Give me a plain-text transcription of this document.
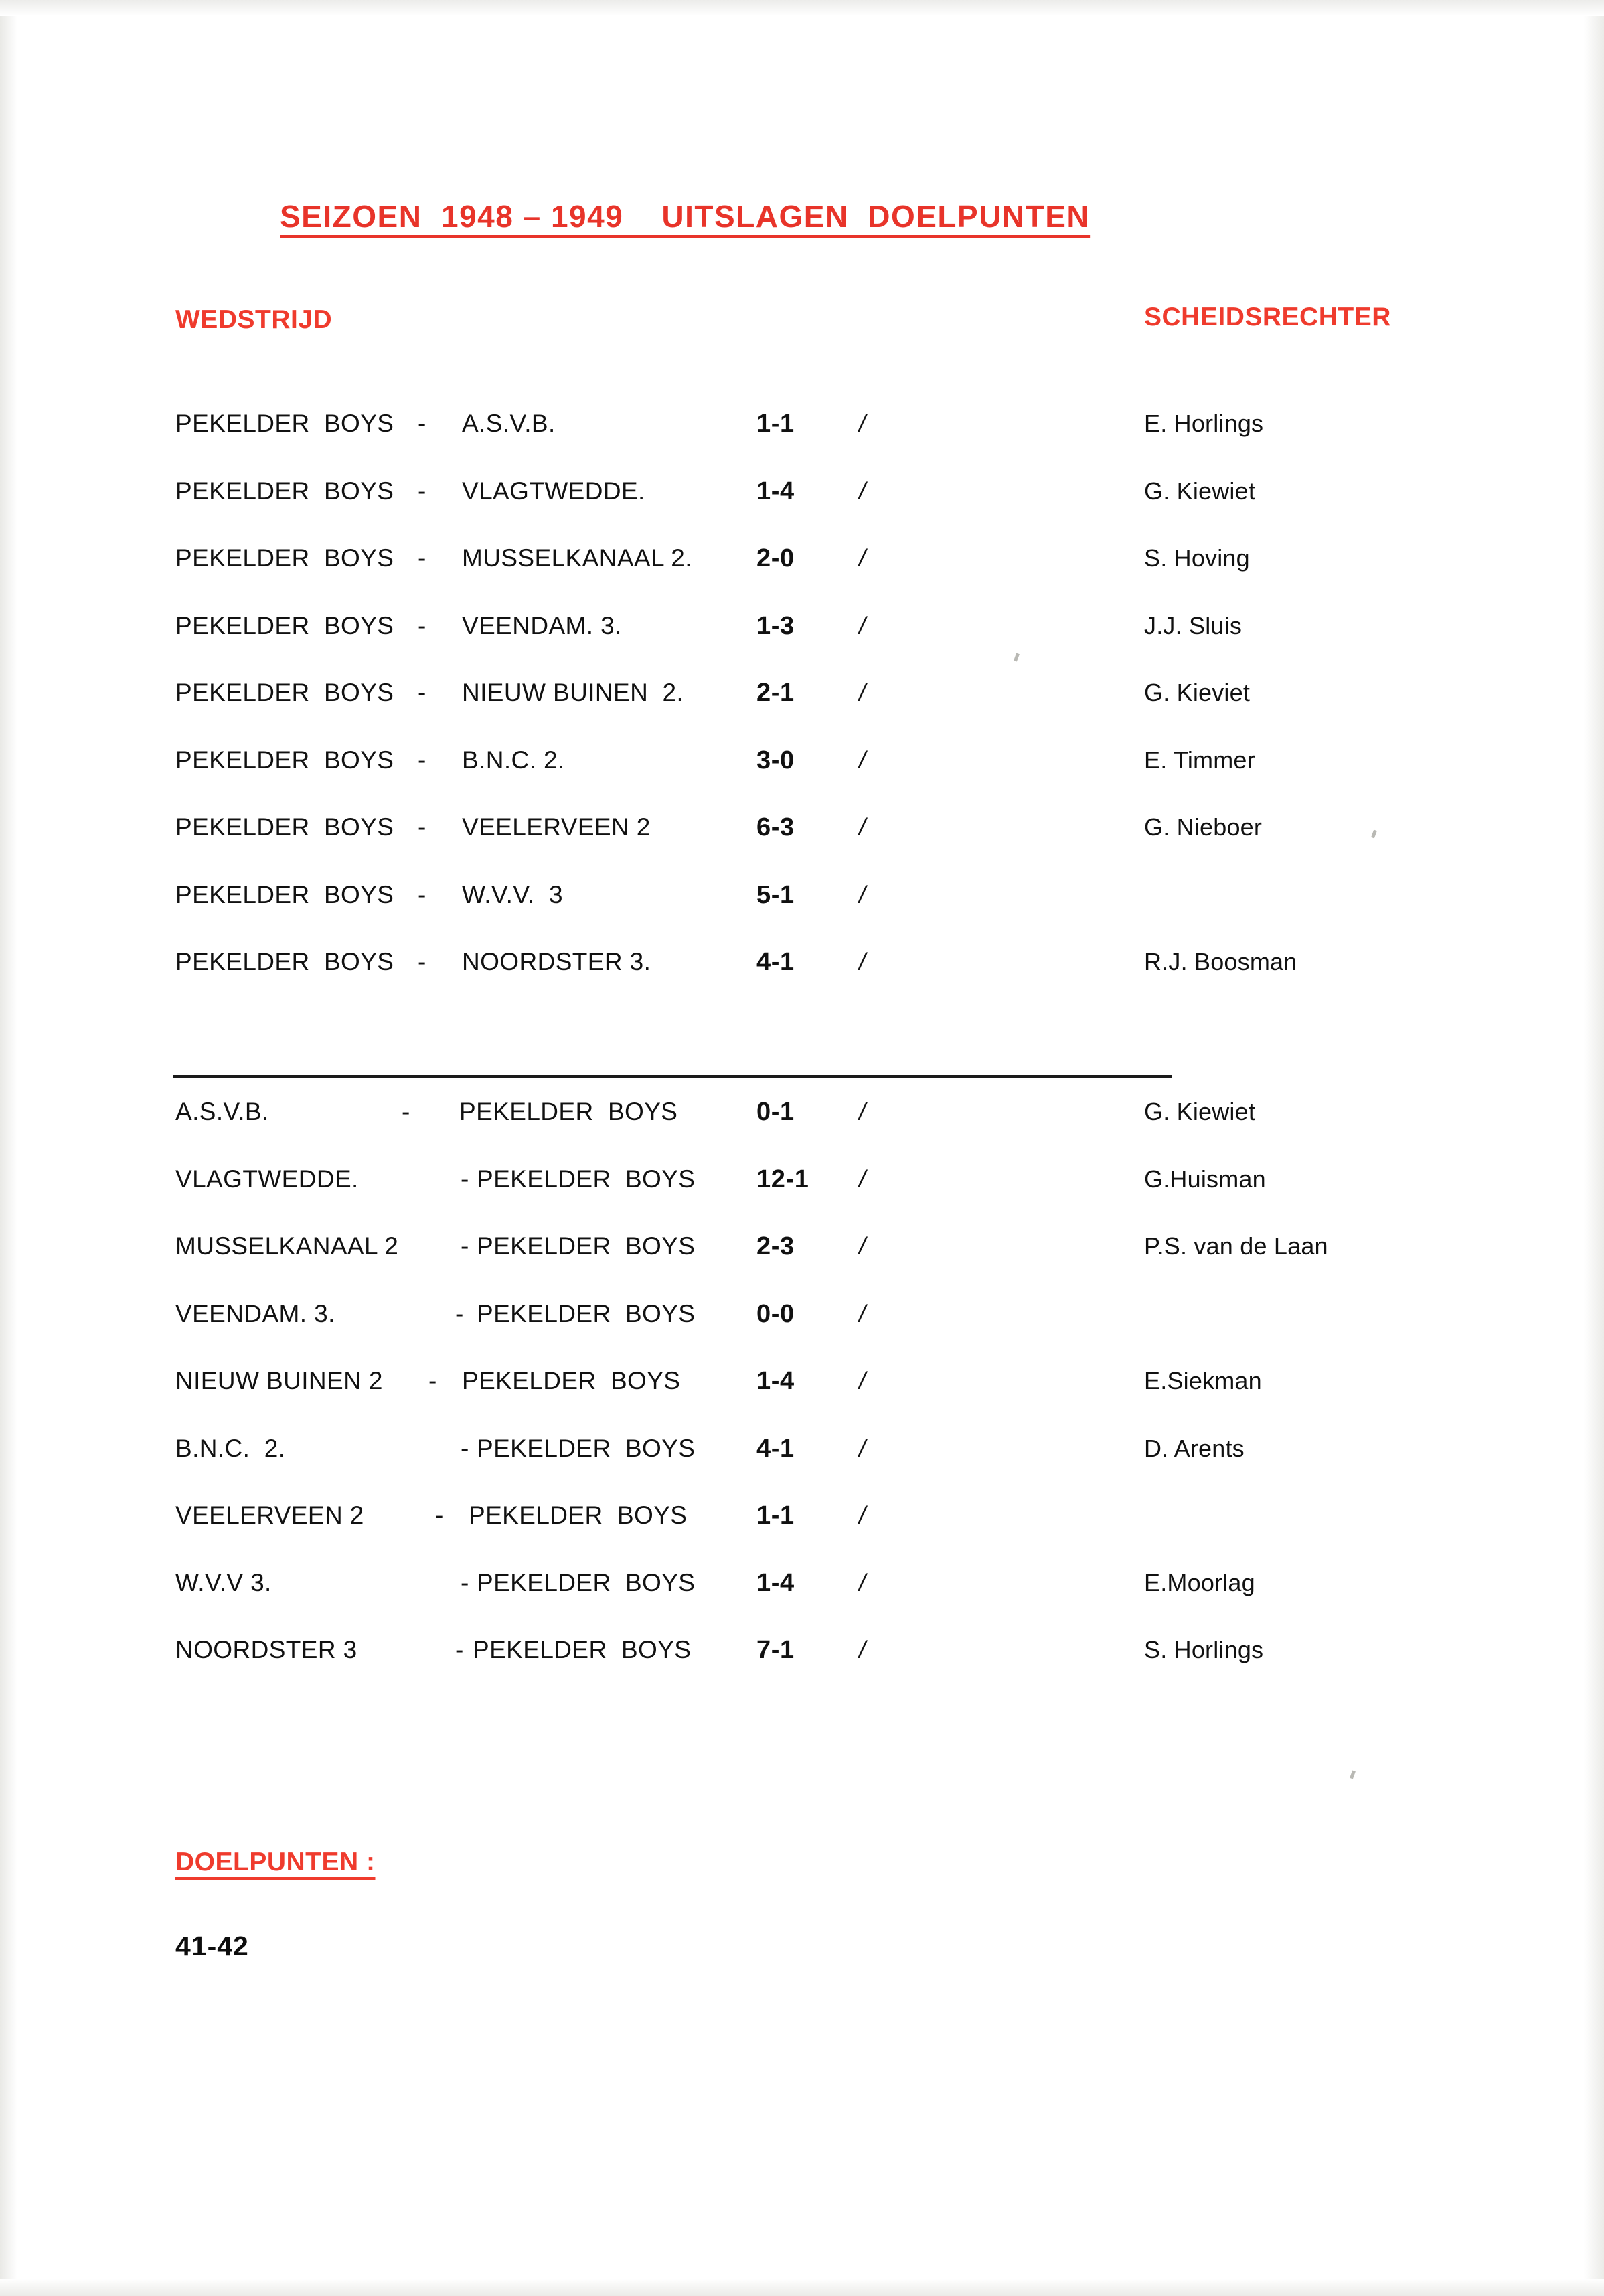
SEIZOEN  1948 – 1949    UITSLAGEN  DOELPUNTEN
WEDSTRIJD	SCHEIDSRECHTER
PEKELDER  BOYS - A.S.V.B.	1-1	/	E. Horlings
PEKELDER  BOYS - VLAGTWEDDE.	1-4	/	G. Kiewiet
PEKELDER  BOYS - MUSSELKANAAL 2.	2-0	/	S. Hoving
PEKELDER  BOYS - VEENDAM. 3.	1-3	/	J.J. Sluis
PEKELDER  BOYS - NIEUW BUINEN  2.	2-1	/	G. Kieviet
PEKELDER  BOYS - B.N.C. 2.	3-0	/	E. Timmer
PEKELDER  BOYS - VEELERVEEN 2	6-3	/	G. Nieboer
PEKELDER  BOYS - W.V.V.  3	5-1	/
PEKELDER  BOYS - NOORDSTER 3.	4-1	/	R.J. Boosman
A.S.V.B.	- PEKELDER  BOYS	0-1	/	G. Kiewiet
VLAGTWEDDE.	- PEKELDER  BOYS 12-1 /	G.Huisman
MUSSELKANAAL 2	- PEKELDER  BOYS 2-3	/	P.S. van de Laan
VEENDAM. 3.	- PEKELDER  BOYS 0-0	/
NIEUW BUINEN 2 - PEKELDER  BOYS	1-4	/	E.Siekman
B.N.C.  2.	- PEKELDER  BOYS 4-1	/	D. Arents
VEELERVEEN 2	- PEKELDER  BOYS	1-1	/
W.V.V 3.	- PEKELDER  BOYS 1-4	/	E.Moorlag
NOORDSTER 3	- PEKELDER  BOYS	7-1	/	S. Horlings
DOELPUNTEN :
41-42
